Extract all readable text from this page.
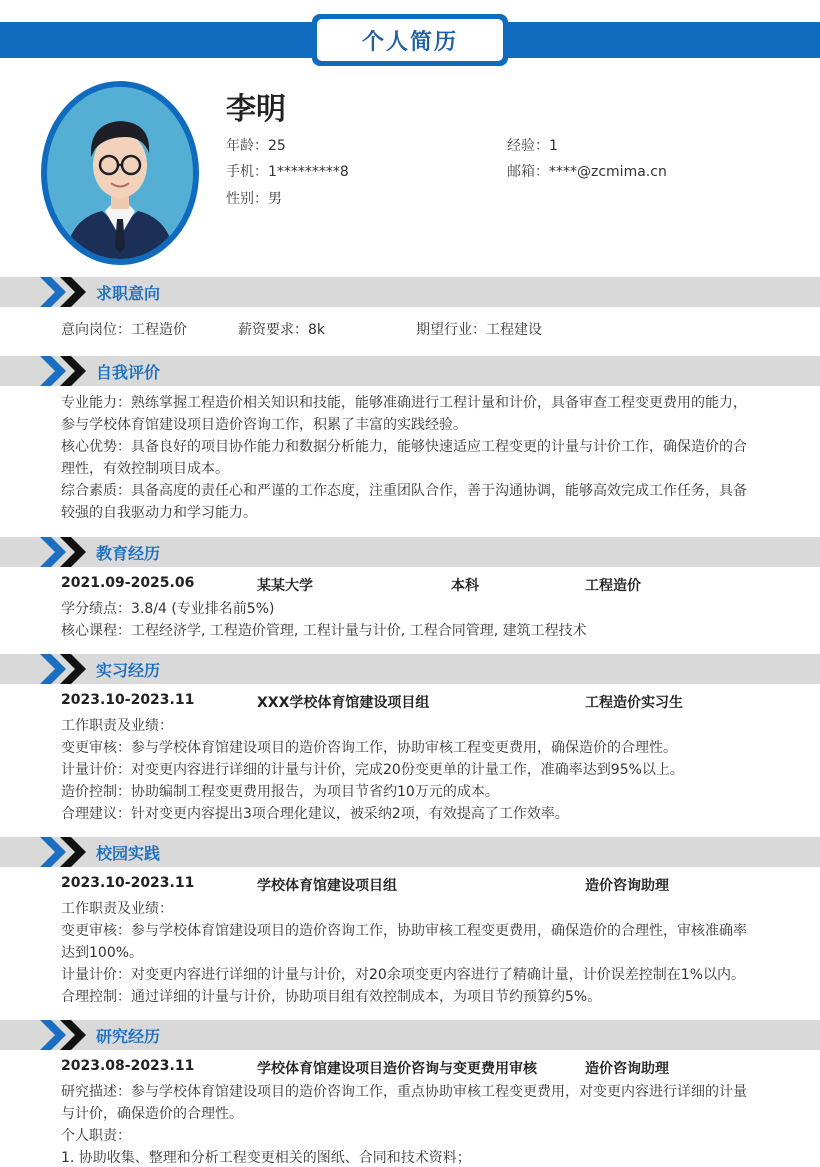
个人简历
李明
年龄：25	经验：1
手机：1*********8	邮箱：****@zcmima.cn
性别：男
求职意向
意向岗位：工程造价	薪资要求：8k	期望行业：工程建设
自我评价
专业能力：熟练掌握工程造价相关知识和技能，能够准确进行工程计量和计价，具备审查工程变更费用的能力，
参与学校体育馆建设项目造价咨询工作，积累了丰富的实践经验。
核心优势：具备良好的项目协作能力和数据分析能力，能够快速适应工程变更的计量与计价工作，确保造价的合
理性，有效控制项目成本。
综合素质：具备高度的责任心和严谨的工作态度，注重团队合作，善于沟通协调，能够高效完成工作任务，具备
较强的自我驱动力和学习能力。
教育经历
2021.09-2025.06	某某大学	本科	工程造价
学分绩点：3.8/4 (专业排名前5%)
核心课程：工程经济学, 工程造价管理, 工程计量与计价, 工程合同管理, 建筑工程技术
实习经历
2023.10-2023.11	XXX学校体育馆建设项目组	工程造价实习生
工作职责及业绩：
变更审核：参与学校体育馆建设项目的造价咨询工作，协助审核工程变更费用，确保造价的合理性。
计量计价：对变更内容进行详细的计量与计价，完成20份变更单的计量工作，准确率达到95%以上。
造价控制：协助编制工程变更费用报告，为项目节省约10万元的成本。
合理建议：针对变更内容提出3项合理化建议，被采纳2项，有效提高了工作效率。
校园实践
2023.10-2023.11	学校体育馆建设项目组	造价咨询助理
工作职责及业绩：
变更审核：参与学校体育馆建设项目的造价咨询工作，协助审核工程变更费用，确保造价的合理性，审核准确率
达到100%。
计量计价：对变更内容进行详细的计量与计价，对20余项变更内容进行了精确计量，计价误差控制在1%以内。
合理控制：通过详细的计量与计价，协助项目组有效控制成本，为项目节约预算约5%。
研究经历
2023.08-2023.11	学校体育馆建设项目造价咨询与变更费用审核	造价咨询助理
研究描述：参与学校体育馆建设项目的造价咨询工作，重点协助审核工程变更费用，对变更内容进行详细的计量
与计价，确保造价的合理性。
个人职责：
1. 协助收集、整理和分析工程变更相关的图纸、合同和技术资料；
